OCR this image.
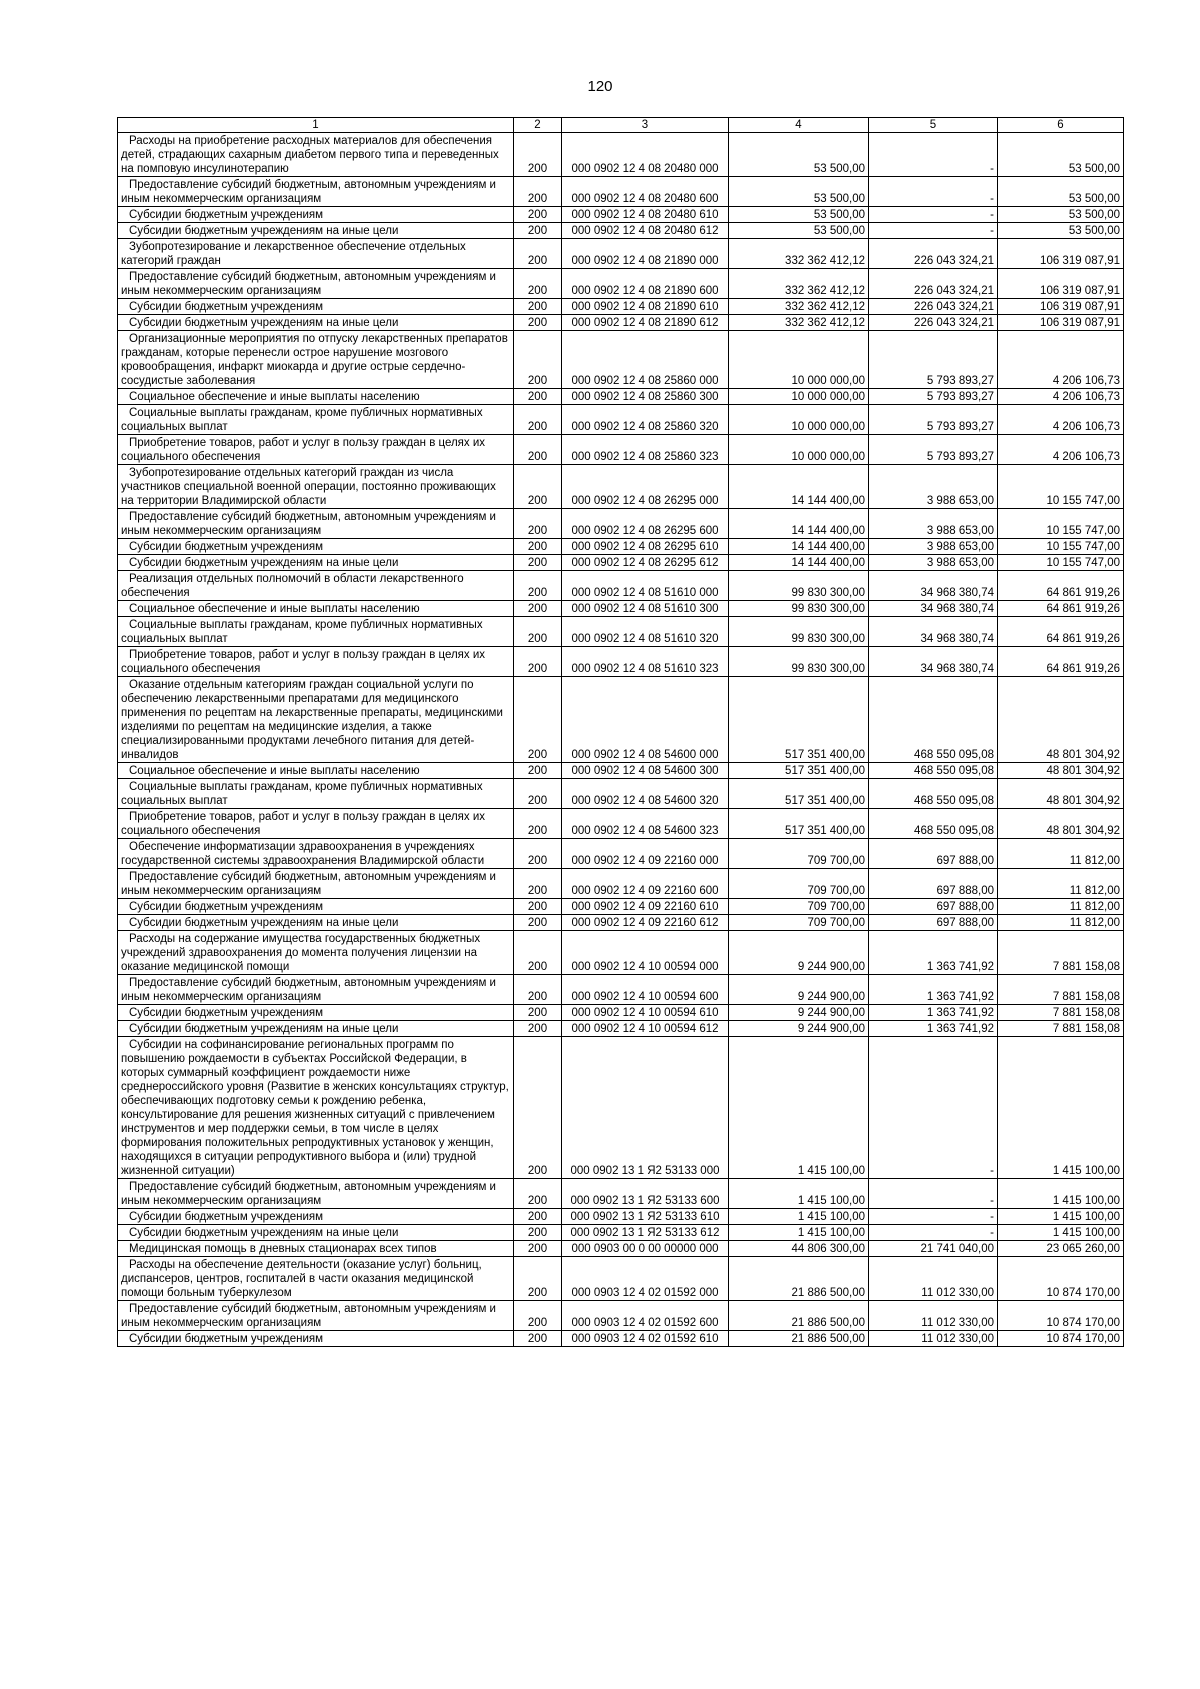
120
1	2	3	4	5	6
Расходы на приобретение расходных материалов для обеспечения детей, страдающих сахарным диабетом первого типа и переведенных на помповую инсулинотерапию	200	000 0902 12 4 08 20480 000	53 500,00	-	53 500,00
Предоставление субсидий бюджетным, автономным учреждениям и иным некоммерческим организациям	200	000 0902 12 4 08 20480 600	53 500,00	-	53 500,00
Субсидии бюджетным учреждениям	200	000 0902 12 4 08 20480 610	53 500,00	-	53 500,00
Субсидии бюджетным учреждениям на иные цели	200	000 0902 12 4 08 20480 612	53 500,00	-	53 500,00
Зубопротезирование и лекарственное обеспечение отдельных категорий граждан	200	000 0902 12 4 08 21890 000	332 362 412,12	226 043 324,21	106 319 087,91
Предоставление субсидий бюджетным, автономным учреждениям и иным некоммерческим организациям	200	000 0902 12 4 08 21890 600	332 362 412,12	226 043 324,21	106 319 087,91
Субсидии бюджетным учреждениям	200	000 0902 12 4 08 21890 610	332 362 412,12	226 043 324,21	106 319 087,91
Субсидии бюджетным учреждениям на иные цели	200	000 0902 12 4 08 21890 612	332 362 412,12	226 043 324,21	106 319 087,91
Организационные мероприятия по отпуску лекарственных препаратов гражданам, которые перенесли острое нарушение мозгового кровообращения, инфаркт миокарда и другие острые сердечно-сосудистые заболевания	200	000 0902 12 4 08 25860 000	10 000 000,00	5 793 893,27	4 206 106,73
Социальное обеспечение и иные выплаты населению	200	000 0902 12 4 08 25860 300	10 000 000,00	5 793 893,27	4 206 106,73
Социальные выплаты гражданам, кроме публичных нормативных социальных выплат	200	000 0902 12 4 08 25860 320	10 000 000,00	5 793 893,27	4 206 106,73
Приобретение товаров, работ и услуг в пользу граждан в целях их социального обеспечения	200	000 0902 12 4 08 25860 323	10 000 000,00	5 793 893,27	4 206 106,73
Зубопротезирование отдельных категорий граждан из числа участников специальной военной операции, постоянно проживающих на территории Владимирской области	200	000 0902 12 4 08 26295 000	14 144 400,00	3 988 653,00	10 155 747,00
Предоставление субсидий бюджетным, автономным учреждениям и иным некоммерческим организациям	200	000 0902 12 4 08 26295 600	14 144 400,00	3 988 653,00	10 155 747,00
Субсидии бюджетным учреждениям	200	000 0902 12 4 08 26295 610	14 144 400,00	3 988 653,00	10 155 747,00
Субсидии бюджетным учреждениям на иные цели	200	000 0902 12 4 08 26295 612	14 144 400,00	3 988 653,00	10 155 747,00
Реализация отдельных полномочий в области лекарственного обеспечения	200	000 0902 12 4 08 51610 000	99 830 300,00	34 968 380,74	64 861 919,26
Социальное обеспечение и иные выплаты населению	200	000 0902 12 4 08 51610 300	99 830 300,00	34 968 380,74	64 861 919,26
Социальные выплаты гражданам, кроме публичных нормативных социальных выплат	200	000 0902 12 4 08 51610 320	99 830 300,00	34 968 380,74	64 861 919,26
Приобретение товаров, работ и услуг в пользу граждан в целях их социального обеспечения	200	000 0902 12 4 08 51610 323	99 830 300,00	34 968 380,74	64 861 919,26
Оказание отдельным категориям граждан социальной услуги по обеспечению лекарственными препаратами для медицинского применения по рецептам на лекарственные препараты, медицинскими изделиями по рецептам на медицинские изделия, а также специализированными продуктами лечебного питания для детей-инвалидов	200	000 0902 12 4 08 54600 000	517 351 400,00	468 550 095,08	48 801 304,92
Социальное обеспечение и иные выплаты населению	200	000 0902 12 4 08 54600 300	517 351 400,00	468 550 095,08	48 801 304,92
Социальные выплаты гражданам, кроме публичных нормативных социальных выплат	200	000 0902 12 4 08 54600 320	517 351 400,00	468 550 095,08	48 801 304,92
Приобретение товаров, работ и услуг в пользу граждан в целях их социального обеспечения	200	000 0902 12 4 08 54600 323	517 351 400,00	468 550 095,08	48 801 304,92
Обеспечение информатизации здравоохранения в учреждениях государственной системы здравоохранения Владимирской области	200	000 0902 12 4 09 22160 000	709 700,00	697 888,00	11 812,00
Предоставление субсидий бюджетным, автономным учреждениям и иным некоммерческим организациям	200	000 0902 12 4 09 22160 600	709 700,00	697 888,00	11 812,00
Субсидии бюджетным учреждениям	200	000 0902 12 4 09 22160 610	709 700,00	697 888,00	11 812,00
Субсидии бюджетным учреждениям на иные цели	200	000 0902 12 4 09 22160 612	709 700,00	697 888,00	11 812,00
Расходы на содержание имущества государственных бюджетных учреждений здравоохранения до момента получения лицензии на оказание медицинской помощи	200	000 0902 12 4 10 00594 000	9 244 900,00	1 363 741,92	7 881 158,08
Предоставление субсидий бюджетным, автономным учреждениям и иным некоммерческим организациям	200	000 0902 12 4 10 00594 600	9 244 900,00	1 363 741,92	7 881 158,08
Субсидии бюджетным учреждениям	200	000 0902 12 4 10 00594 610	9 244 900,00	1 363 741,92	7 881 158,08
Субсидии бюджетным учреждениям на иные цели	200	000 0902 12 4 10 00594 612	9 244 900,00	1 363 741,92	7 881 158,08
Субсидии на софинансирование региональных программ по повышению рождаемости в субъектах Российской Федерации, в которых суммарный коэффициент рождаемости ниже среднероссийского уровня (Развитие в женских консультациях структур, обеспечивающих подготовку семьи к рождению ребенка, консультирование для решения жизненных ситуаций с привлечением инструментов и мер поддержки семьи, в том числе в целях формирования положительных репродуктивных установок у женщин, находящихся в ситуации репродуктивного выбора и (или) трудной жизненной ситуации)	200	000 0902 13 1 Я2 53133 000	1 415 100,00	-	1 415 100,00
Предоставление субсидий бюджетным, автономным учреждениям и иным некоммерческим организациям	200	000 0902 13 1 Я2 53133 600	1 415 100,00	-	1 415 100,00
Субсидии бюджетным учреждениям	200	000 0902 13 1 Я2 53133 610	1 415 100,00	-	1 415 100,00
Субсидии бюджетным учреждениям на иные цели	200	000 0902 13 1 Я2 53133 612	1 415 100,00	-	1 415 100,00
Медицинская помощь в дневных стационарах всех типов	200	000 0903 00 0 00 00000 000	44 806 300,00	21 741 040,00	23 065 260,00
Расходы на обеспечение деятельности (оказание услуг) больниц, диспансеров, центров, госпиталей в части оказания медицинской помощи больным туберкулезом	200	000 0903 12 4 02 01592 000	21 886 500,00	11 012 330,00	10 874 170,00
Предоставление субсидий бюджетным, автономным учреждениям и иным некоммерческим организациям	200	000 0903 12 4 02 01592 600	21 886 500,00	11 012 330,00	10 874 170,00
Субсидии бюджетным учреждениям	200	000 0903 12 4 02 01592 610	21 886 500,00	11 012 330,00	10 874 170,00
